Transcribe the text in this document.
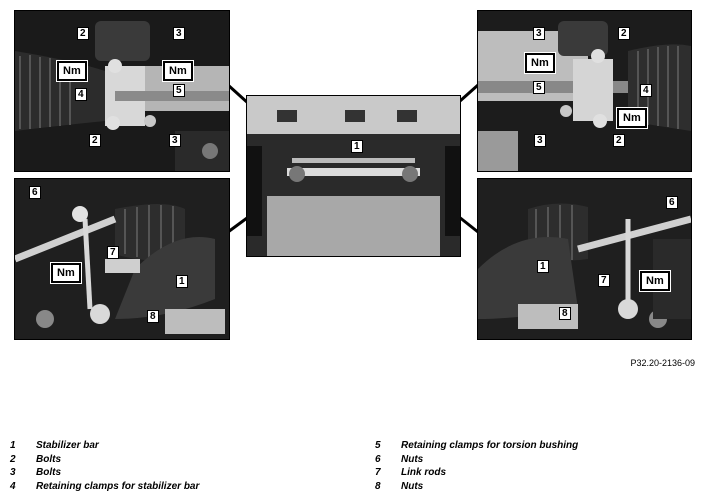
2	3
4	5
2	3
Nm	Nm
3	2
5	4
3	2
Nm
Nm
1
6
7
1
8
Nm
6
1
7
8
Nm
P32.20-2136-09
1	Stabilizer bar
2	Bolts
3	Bolts
4	Retaining clamps for stabilizer bar
5	Retaining clamps for torsion bushing
6	Nuts
7	Link rods
8	Nuts
